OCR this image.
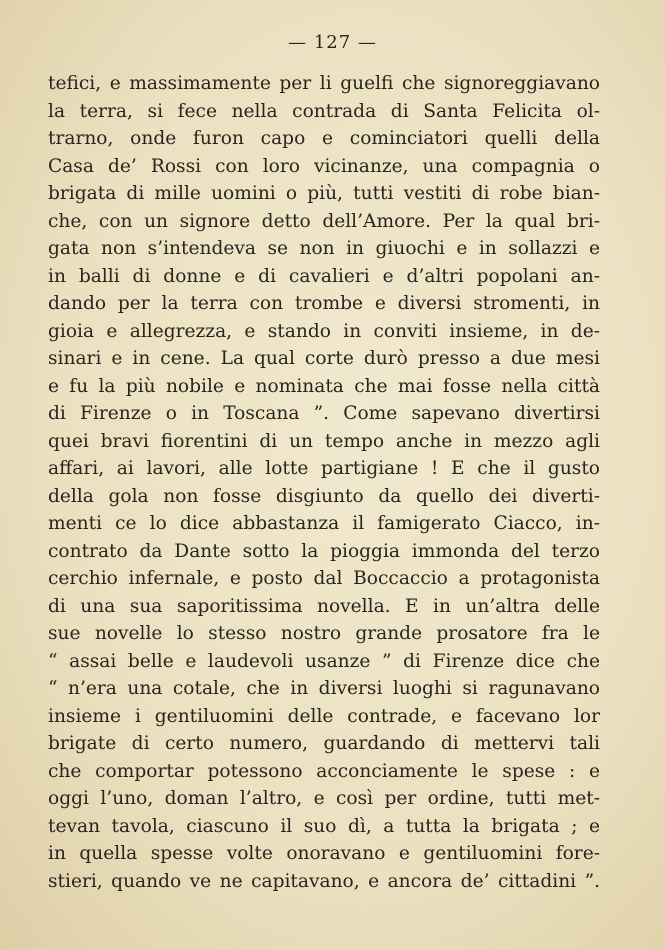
— 127 —
tefici, e massimamente per li guelfi che signoreggiavano
la terra, si fece nella contrada di Santa Felicita ol-
trarno, onde furon capo e cominciatori quelli della
Casa de’ Rossi con loro vicinanze, una compagnia o
brigata di mille uomini o più, tutti vestiti di robe bian-
che, con un signore detto dell’Amore. Per la qual bri-
gata non s’intendeva se non in giuochi e in sollazzi e
in balli di donne e di cavalieri e d’altri popolani an-
dando per la terra con trombe e diversi stromenti, in
gioia e allegrezza, e stando in conviti insieme, in de-
sinari e in cene. La qual corte durò presso a due mesi
e fu la più nobile e nominata che mai fosse nella città
di Firenze o in Toscana ”. Come sapevano divertirsi
quei bravi fiorentini di un tempo anche in mezzo agli
affari, ai lavori, alle lotte partigiane ! E che il gusto
della gola non fosse disgiunto da quello dei diverti-
menti ce lo dice abbastanza il famigerato Ciacco, in-
contrato da Dante sotto la pioggia immonda del terzo
cerchio infernale, e posto dal Boccaccio a protagonista
di una sua saporitissima novella. E in un’altra delle
sue novelle lo stesso nostro grande prosatore fra le
“ assai belle e laudevoli usanze ” di Firenze dice che
“ n’era una cotale, che in diversi luoghi si ragunavano
insieme i gentiluomini delle contrade, e facevano lor
brigate di certo numero, guardando di mettervi tali
che comportar potessono acconciamente le spese : e
oggi l’uno, doman l’altro, e così per ordine, tutti met-
tevan tavola, ciascuno il suo dì, a tutta la brigata ; e
in quella spesse volte onoravano e gentiluomini fore-
stieri, quando ve ne capitavano, e ancora de’ cittadini ”.
